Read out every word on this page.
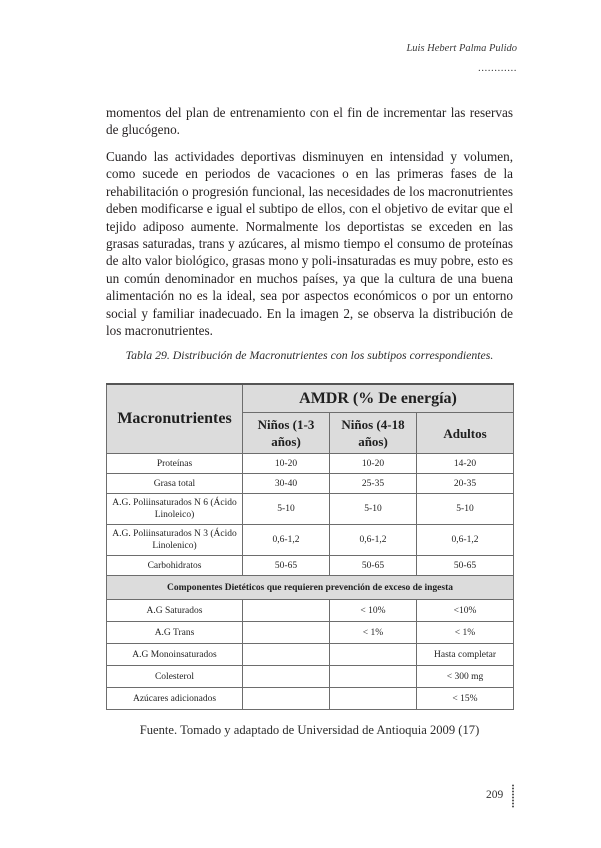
Luis Hebert Palma Pulido
............

momentos del plan de entrenamiento con el fin de incrementar las reservas de glucógeno.

Cuando las actividades deportivas disminuyen en intensidad y volumen, como sucede en periodos de vacaciones o en las primeras fases de la rehabilitación o progresión funcional, las necesidades de los macronutrientes deben modificarse e igual el subtipo de ellos, con el objetivo de evitar que el tejido adiposo aumente. Normalmente los deportistas se exceden en las grasas saturadas, trans y azúcares, al mismo tiempo el consumo de proteínas de alto valor biológico, grasas mono y poli-insaturadas es muy pobre, esto es un común denominador en muchos países, ya que la cultura de una buena alimentación no es la ideal, sea por aspectos económicos o por un entorno social y familiar inadecuado. En la imagen 2, se observa la distribución de los macronutrientes.

Tabla 29. Distribución de Macronutrientes con los subtipos correspondientes.
Macronutrientes	AMDR (% De energía)		
	Niños (1-3 años)	Niños (4-18 años)	Adultos
Proteínas	10-20	10-20	14-20
Grasa total	30-40	25-35	20-35
A.G. Poliinsaturados N 6 (Ácido Linoleico)	5-10	5-10	5-10
A.G. Poliinsaturados N 3 (Ácido Linolenico)	0,6-1,2	0,6-1,2	0,6-1,2
Carbohidratos	50-65	50-65	50-65
Componentes Dietéticos que requieren prevención de exceso de ingesta			
A.G Saturados		< 10%	<10%
A.G Trans		< 1%	< 1%
A.G Monoinsaturados			Hasta completar
Colesterol			< 300 mg
Azúcares adicionados			< 15%
Fuente. Tomado y adaptado de Universidad de Antioquia 2009 (17)
209
